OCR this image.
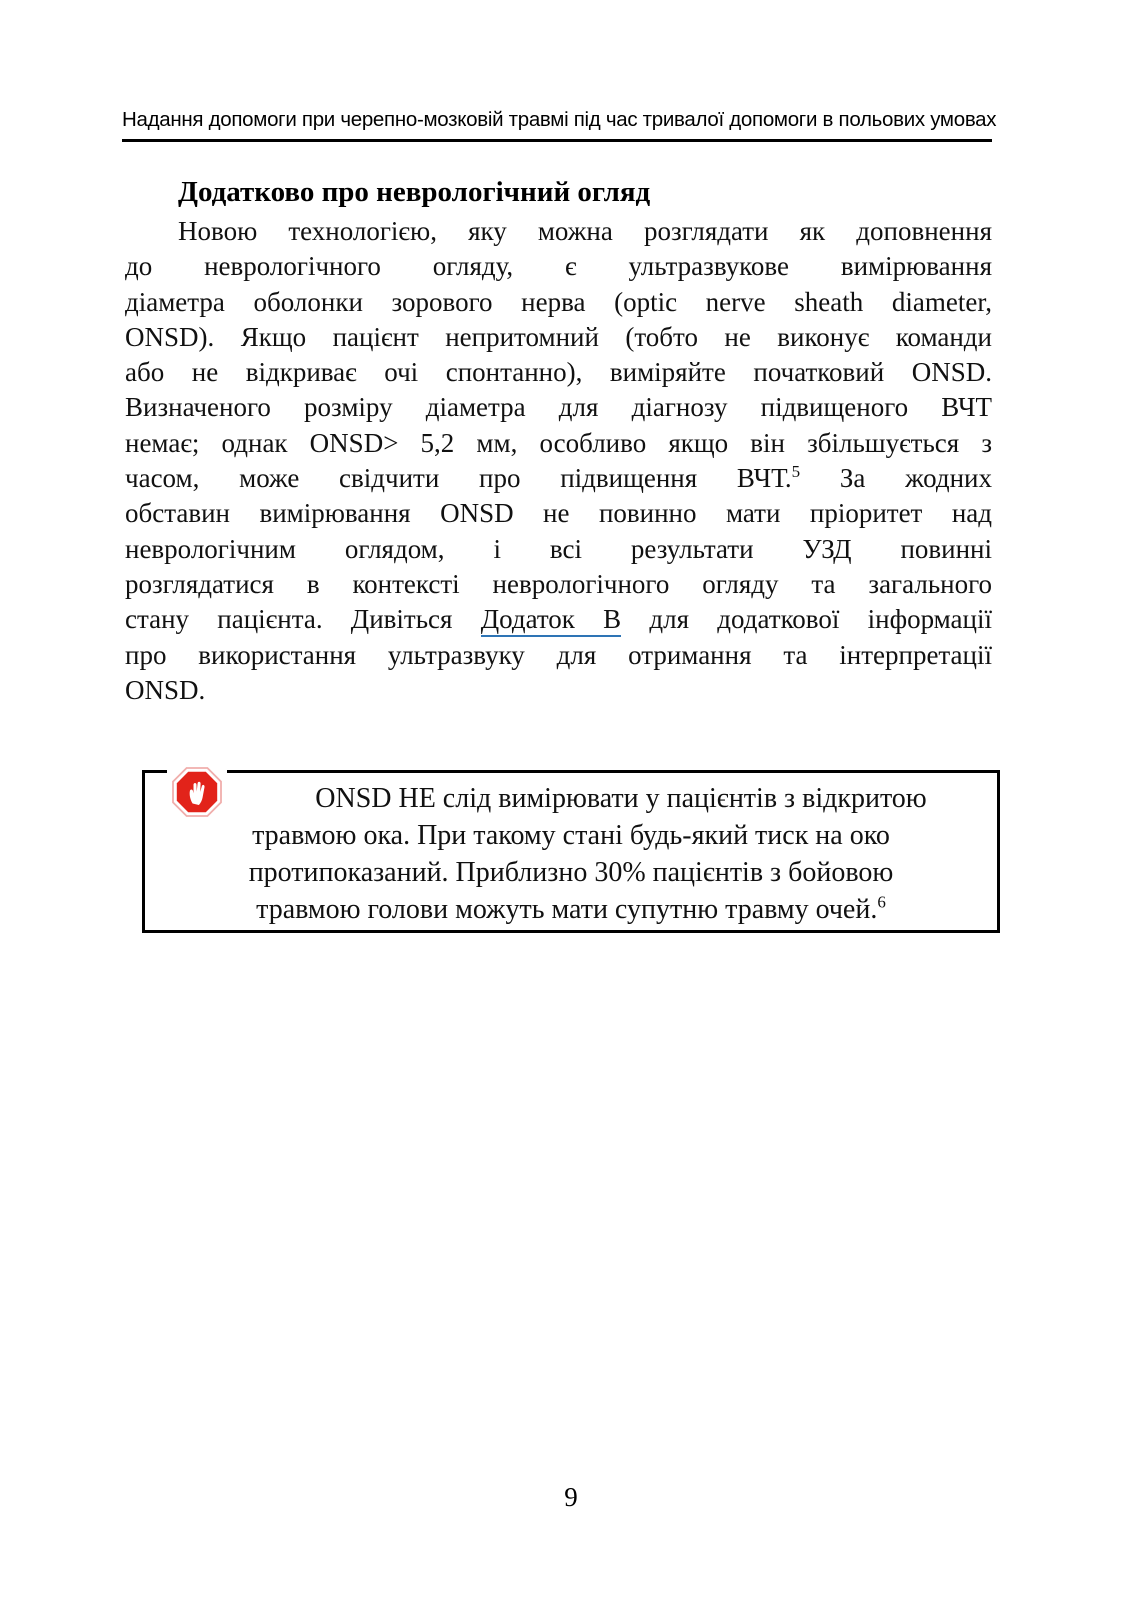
Надання допомоги при черепно-мозковій травмі під час тривалої допомоги в польових умовах
Додатково про неврологічний огляд
Новою технологією, яку можна розглядати як доповнення
до неврологічного огляду, є ультразвукове вимірювання
діаметра оболонки зорового нерва (optic nerve sheath diameter,
ONSD). Якщо пацієнт непритомний (тобто не виконує команди
або не відкриває очі спонтанно), виміряйте початковий ONSD.
Визначеного розміру діаметра для діагнозу підвищеного ВЧТ
немає; однак ONSD> 5,2 мм, особливо якщо він збільшується з
часом, може свідчити про підвищення ВЧТ.$^5$ За жодних
обставин вимірювання ONSD не повинно мати пріоритет над
неврологічним оглядом, і всі результати УЗД повинні
розглядатися в контексті неврологічного огляду та загального
стану пацієнта. Дивіться Додаток В для додаткової інформації
про використання ультразвуку для отримання та інтерпретації
ONSD.
ONSD НЕ слід вимірювати у пацієнтів з відкритою
травмою ока. При такому стані будь-який тиск на око
протипоказаний. Приблизно 30% пацієнтів з бойовою
травмою голови можуть мати супутню травму очей.$^6$
9
